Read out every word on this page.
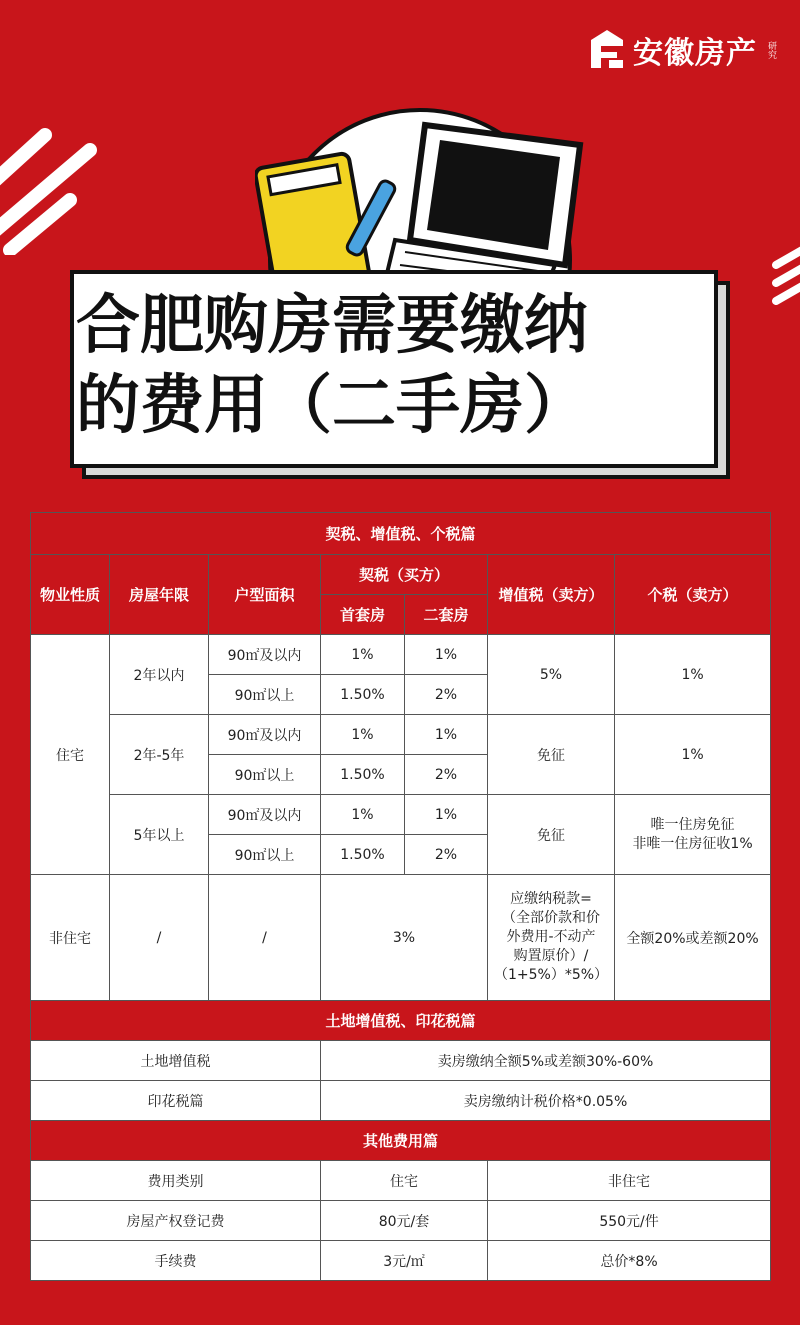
安徽房产 研究
合肥购房需要缴纳
的费用（二手房）
契税、增值税、个税篇						
物业性质	房屋年限	户型面积	契税（买方）		增值税（卖方）	个税（卖方）
			首套房	二套房		
住宅	2年以内	90㎡及以内	1%	1%	5%	1%
		90㎡以上	1.50%	2%		
	2年-5年	90㎡及以内	1%	1%	免征	1%
		90㎡以上	1.50%	2%		
	5年以上	90㎡及以内	1%	1%	免征	唯一住房免征
非唯一住房征收1%

		90㎡以上	1.50%	2%		
非住宅	/	/	3%		应缴纳税款=
（全部价款和价
外费用-不动产
购置原价）/
（1+5%）*5%）	全额20%或差额20%
土地增值税、印花税篇						
土地增值税			卖房缴纳全额5%或差额30%-60%			
印花税篇			卖房缴纳计税价格*0.05%			
其他费用篇						
费用类别			住宅		非住宅	
房屋产权登记费			80元/套		550元/件	
手续费			3元/㎡		总价*8%	
